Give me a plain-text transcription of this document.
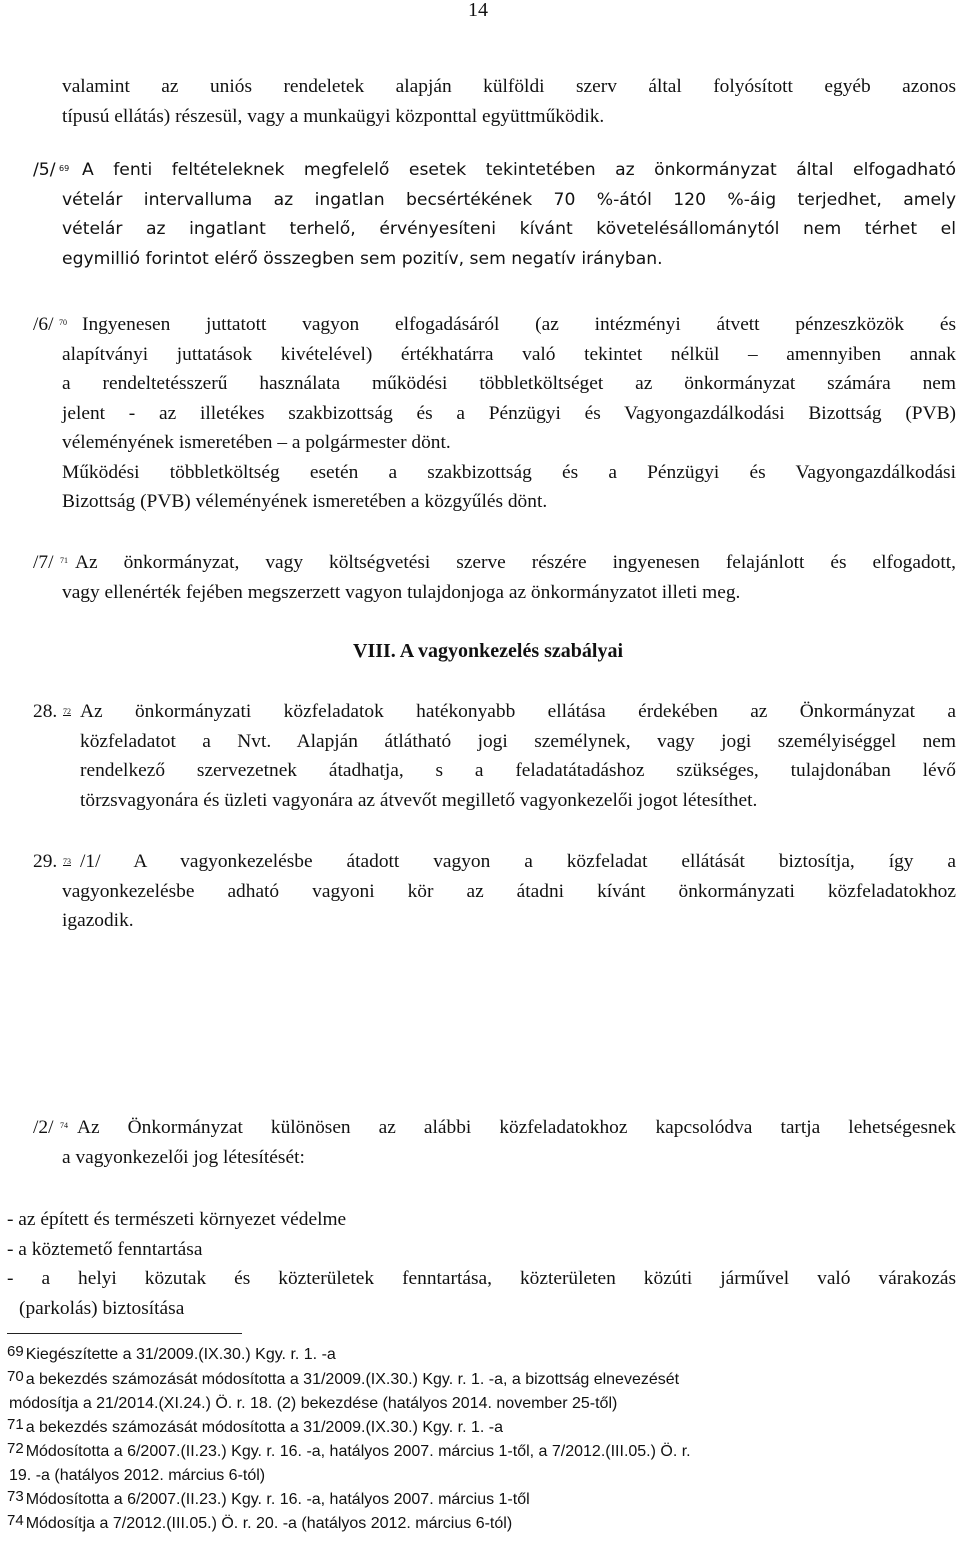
14
valamint az uniós rendeletek alapján külföldi szerv által folyósított egyéb azonos
típusú ellátás) részesül, vagy a munkaügyi központtal együttműködik.
/5/ 69 A fenti feltételeknek megfelelő esetek tekintetében az önkormányzat által elfogadható
vételár intervalluma az ingatlan becsértékének 70 %-ától 120 %-áig terjedhet, amely
vételár az ingatlant terhelő, érvényesíteni kívánt követelésállománytól nem térhet el
egymillió forintot elérő összegben sem pozitív, sem negatív irányban.
/6/ 70 Ingyenesen juttatott vagyon elfogadásáról (az intézményi átvett pénzeszközök és
alapítványi juttatások kivételével) értékhatárra való tekintet nélkül – amennyiben annak
a rendeltetésszerű használata működési többletköltséget az önkormányzat számára nem
jelent - az illetékes szakbizottság és a Pénzügyi és Vagyongazdálkodási Bizottság (PVB)
véleményének ismeretében – a polgármester dönt.
Működési többletköltség esetén a szakbizottság és a Pénzügyi és Vagyongazdálkodási
Bizottság (PVB) véleményének ismeretében a közgyűlés dönt.
/7/ 71 Az önkormányzat, vagy költségvetési szerve részére ingyenesen felajánlott és elfogadott,
vagy ellenérték fejében megszerzett vagyon tulajdonjoga az önkormányzatot illeti meg.
VIII. A vagyonkezelés szabályai
28. 72 Az önkormányzati közfeladatok hatékonyabb ellátása érdekében az Önkormányzat a
közfeladatot a Nvt. Alapján átlátható jogi személynek, vagy jogi személyiséggel nem
rendelkező szervezetnek átadhatja, s a feladatátadáshoz szükséges, tulajdonában lévő
törzsvagyonára és üzleti vagyonára az átvevőt megillető vagyonkezelői jogot létesíthet.
29. 73 /1/ A vagyonkezelésbe átadott vagyon a közfeladat ellátását biztosítja, így a
vagyonkezelésbe adható vagyoni kör az átadni kívánt önkormányzati közfeladatokhoz
igazodik.
/2/ 74 Az Önkormányzat különösen az alábbi közfeladatokhoz kapcsolódva tartja lehetségesnek
a vagyonkezelői jog létesítését:
- az épített és természeti környezet védelme
- a köztemető fenntartása
- a helyi közutak és közterületek fenntartása, közterületen közúti járművel való várakozás
(parkolás) biztosítása
69 Kiegészítette a 31/2009.(IX.30.) Kgy. r. 1. -a
70 a bekezdés számozását módosította a 31/2009.(IX.30.) Kgy. r. 1. -a, a bizottság elnevezését
módosítja a 21/2014.(XI.24.) Ö. r. 18. (2) bekezdése (hatályos 2014. november 25-től)
71 a bekezdés számozását módosította a 31/2009.(IX.30.) Kgy. r. 1. -a
72 Módosította a 6/2007.(II.23.) Kgy. r. 16. -a, hatályos 2007. március 1-től, a 7/2012.(III.05.) Ö. r.
19. -a (hatályos 2012. március 6-tól)
73 Módosította a 6/2007.(II.23.) Kgy. r. 16. -a, hatályos 2007. március 1-től
74 Módosítja a 7/2012.(III.05.) Ö. r. 20. -a (hatályos 2012. március 6-tól)
